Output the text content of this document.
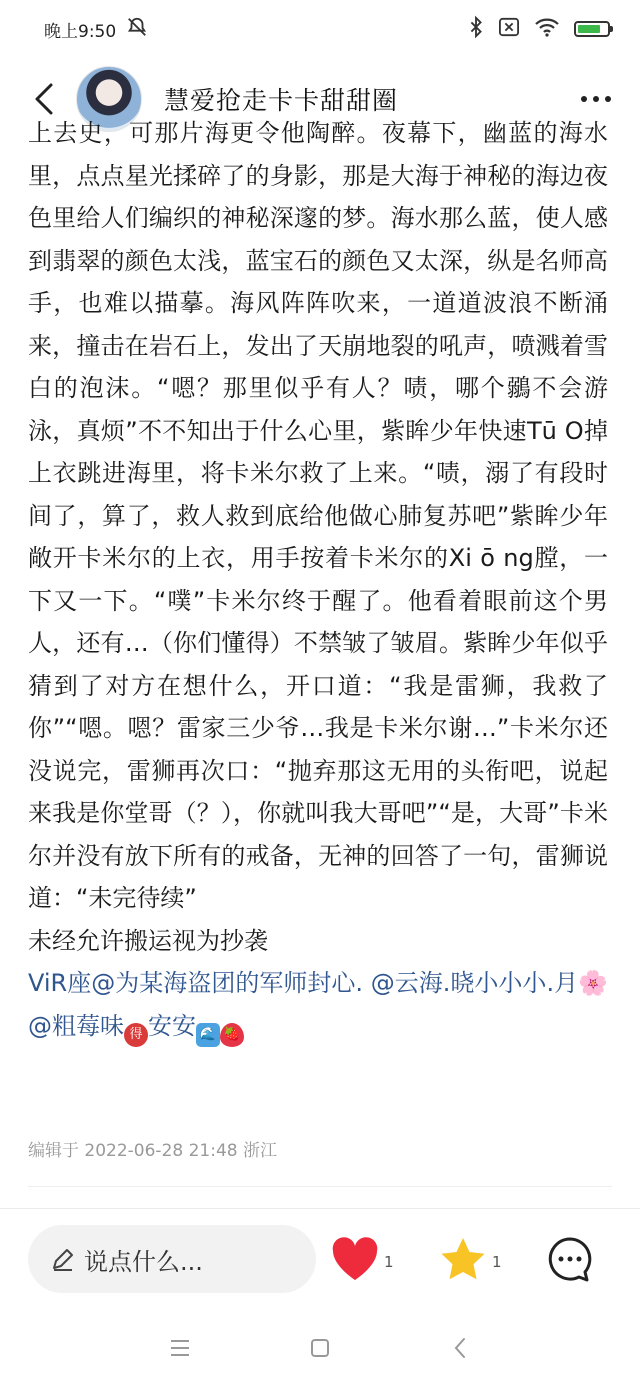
晚上9:50
慧爱抢走卡卡甜甜圈

上去史，可那片海更令他陶醉。夜幕下，幽蓝的海水里，点点星光揉碎了的身影，那是大海于神秘的海边夜色里给人们编织的神秘深邃的梦。海水那么蓝，使人感到翡翠的颜色太浅，蓝宝石的颜色又太深，纵是名师高手，也难以描摹。海风阵阵吹来，一道道波浪不断涌来，撞击在岩石上，发出了天崩地裂的吼声，喷溅着雪白的泡沫。“嗯？那里似乎有人？啧，哪个鶸不会游泳，真烦”不不知出于什么心里，紫眸少年快速Tū O掉上衣跳进海里，将卡米尔救了上来。“啧，溺了有段时间了，算了，救人救到底给他做心肺复苏吧”紫眸少年敞开卡米尔的上衣，用手按着卡米尔的Xi ō ng膛，一下又一下。“噗”卡米尔终于醒了。他看着眼前这个男人，还有…（你们懂得）不禁皱了皱眉。紫眸少年似乎猜到了对方在想什么，开口道：“我是雷狮，我救了你”“嗯。嗯？雷家三少爷…我是卡米尔谢…”卡米尔还没说完，雷狮再次口：“抛弃那这无用的头衔吧，说起来我是你堂哥（？），你就叫我大哥吧”“是，大哥”卡米尔并没有放下所有的戒备，无神的回答了一句，雷狮说道：“未完待续”

未经允许搬运视为抄袭

ViR座@为某海盗团的军师封心. @云海.晓小小小.月🌸 @粗莓味 得 安安 🌊 🍓

编辑于 2022-06-28 21:48 浙江
说点什么...	1	1
